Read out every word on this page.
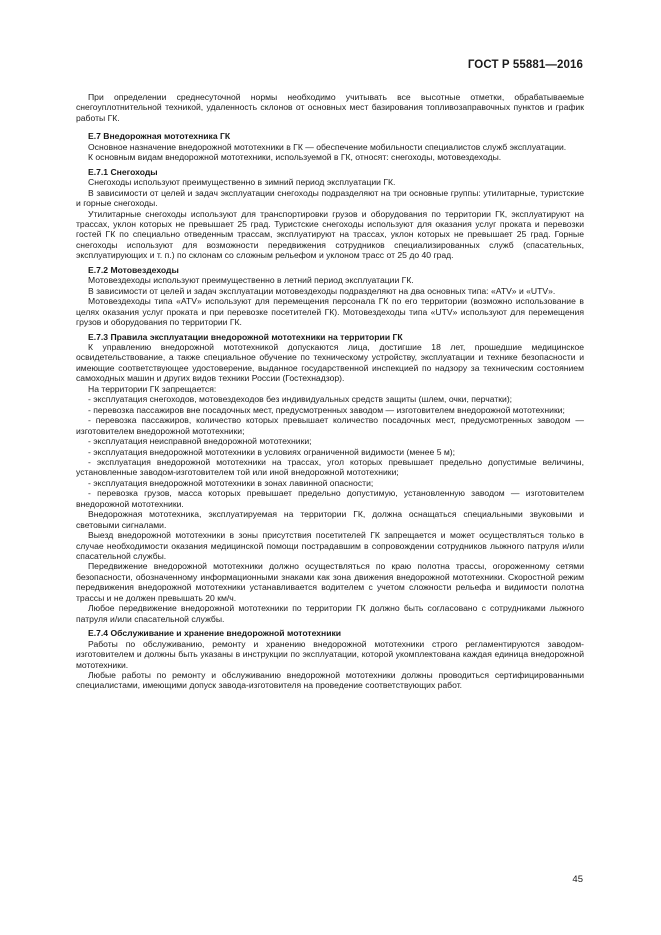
ГОСТ Р 55881—2016

При определении среднесуточной нормы необходимо учитывать все высотные отметки, обрабатываемые снегоуплотнительной техникой, удаленность склонов от основных мест базирования топливозаправочных пунктов и график работы ГК.

Е.7 Внедорожная мототехника ГК

Основное назначение внедорожной мототехники в ГК — обеспечение мобильности специалистов служб эксплуатации.

К основным видам внедорожной мототехники, используемой в ГК, относят: снегоходы, мотовездеходы.

Е.7.1 Снегоходы

Снегоходы используют преимущественно в зимний период эксплуатации ГК.

В зависимости от целей и задач эксплуатации снегоходы подразделяют на три основные группы: утилитарные, туристские и горные снегоходы.

Утилитарные снегоходы используют для транспортировки грузов и оборудования по территории ГК, эксплуатируют на трассах, уклон которых не превышает 25 град. Туристские снегоходы используют для оказания услуг проката и перевозки гостей ГК по специально отведенным трассам, эксплуатируют на трассах, уклон которых не превышает 25 град. Горные снегоходы используют для возможности передвижения сотрудников специализированных служб (спасательных, эксплуатирующих и т. п.) по склонам со сложным рельефом и уклоном трасс от 25 до 40 град.

Е.7.2 Мотовездеходы

Мотовездеходы используют преимущественно в летний период эксплуатации ГК.

В зависимости от целей и задач эксплуатации мотовездеходы подразделяют на два основных типа: «ATV» и «UTV».

Мотовездеходы типа «ATV» используют для перемещения персонала ГК по его территории (возможно использование в целях оказания услуг проката и при перевозке посетителей ГК). Мотовездеходы типа «UTV» используют для перемещения грузов и оборудования по территории ГК.

Е.7.3 Правила эксплуатации внедорожной мототехники на территории ГК

К управлению внедорожной мототехникой допускаются лица, достигшие 18 лет, прошедшие медицинское освидетельствование, а также специальное обучение по техническому устройству, эксплуатации и технике безопасности и имеющие соответствующее удостоверение, выданное государственной инспекцией по надзору за техническим состоянием самоходных машин и других видов техники России (Гостехнадзор).

На территории ГК запрещается:

- эксплуатация снегоходов, мотовездеходов без индивидуальных средств защиты (шлем, очки, перчатки);

- перевозка пассажиров вне посадочных мест, предусмотренных заводом — изготовителем внедорожной мототехники;

- перевозка пассажиров, количество которых превышает количество посадочных мест, предусмотренных заводом — изготовителем внедорожной мототехники;

- эксплуатация неисправной внедорожной мототехники;

- эксплуатация внедорожной мототехники в условиях ограниченной видимости (менее 5 м);

- эксплуатация внедорожной мототехники на трассах, угол которых превышает предельно допустимые величины, установленные заводом-изготовителем той или иной внедорожной мототехники;

- эксплуатация внедорожной мототехники в зонах лавинной опасности;

- перевозка грузов, масса которых превышает предельно допустимую, установленную заводом — изготовителем внедорожной мототехники.

Внедорожная мототехника, эксплуатируемая на территории ГК, должна оснащаться специальными звуковыми и световыми сигналами.

Выезд внедорожной мототехники в зоны присутствия посетителей ГК запрещается и может осуществляться только в случае необходимости оказания медицинской помощи пострадавшим в сопровождении сотрудников лыжного патруля и/или спасательной службы.

Передвижение внедорожной мототехники должно осуществляться по краю полотна трассы, огороженному сетями безопасности, обозначенному информационными знаками как зона движения внедорожной мототехники. Скоростной режим передвижения внедорожной мототехники устанавливается водителем с учетом сложности рельефа и видимости полотна трассы и не должен превышать 20 км/ч.

Любое передвижение внедорожной мототехники по территории ГК должно быть согласовано с сотрудниками лыжного патруля и/или спасательной службы.

Е.7.4 Обслуживание и хранение внедорожной мототехники

Работы по обслуживанию, ремонту и хранению внедорожной мототехники строго регламентируются заводом-изготовителем и должны быть указаны в инструкции по эксплуатации, которой укомплектована каждая единица внедорожной мототехники.

Любые работы по ремонту и обслуживанию внедорожной мототехники должны проводиться сертифицированными специалистами, имеющими допуск завода-изготовителя на проведение соответствующих работ.

45
